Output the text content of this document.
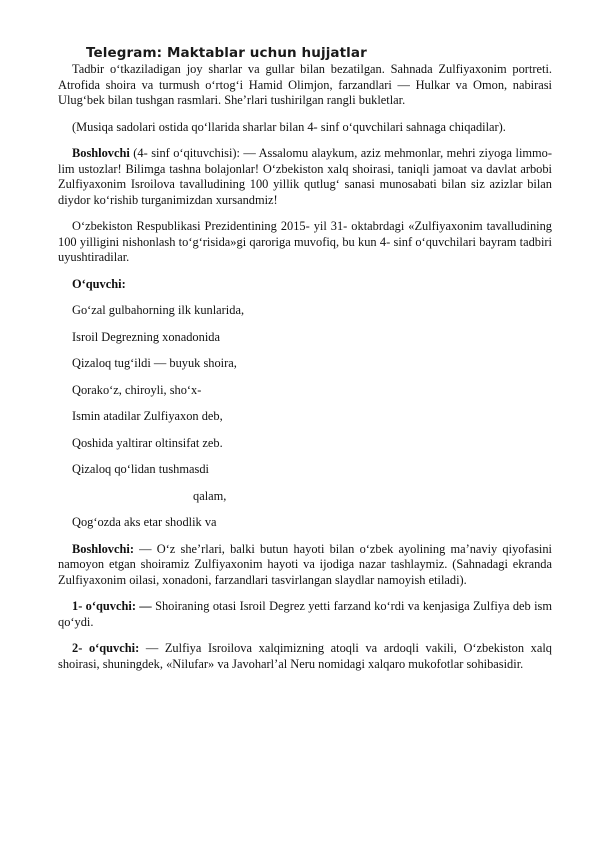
Telegram: Maktablar uchun hujjatlar

Tadbir o‘tkaziladigan joy sharlar va gullar bilan bezatilgan. Sahnada Zulfiyaxonim portreti. Atrofida shoira va turmush o‘rtog‘i Hamid Olimjon, farzandlari — Hulkar va Omon, nabirasi Ulug‘bek bilan tushgan rasmlari. She’rlari tushirilgan rangli bukletlar.

(Musiqa sadolari ostida qo‘llarida sharlar bilan 4- sinf o‘quvchilari sahnaga chiqadilar).

Boshlovchi (4- sinf o‘qituvchisi): — Assalomu alaykum, aziz mehmonlar, mehri ziyoga limmo-lim ustozlar! Bilimga tashna bolajonlar! O‘zbekiston xalq shoirasi, taniqli jamoat va davlat arbobi Zulfiyaxonim Isroilova tavalludining 100 yillik qutlug‘ sanasi munosabati bilan siz azizlar bilan diydor ko‘rishib turganimizdan xursandmiz!

O‘zbekiston Respublikasi Prezidentining 2015- yil 31- oktabrdagi «Zulfiyaxonim tavalludining 100 yilligini nishonlash to‘g‘risida»gi qaroriga muvofiq, bu kun 4- sinf o‘quvchilari bayram tadbiri uyushtiradilar.

O‘quvchi:

Go‘zal gulbahorning ilk kunlarida,

Isroil Degrezning xonadonida

Qizaloq tug‘ildi — buyuk shoira,

Qorako‘z, chiroyli, sho‘x-

Ismin atadilar Zulfiyaxon deb,

Qoshida yaltirar oltinsifat zeb.

Qizaloq qo‘lidan tushmasdi

qalam,

Qog‘ozda aks etar shodlik va

Boshlovchi: — O‘z she’rlari, balki butun hayoti bilan o‘zbek ayolining ma’naviy qiyofasini namoyon etgan shoiramiz Zulfiyaxonim hayoti va ijodiga nazar tashlaymiz. (Sahnadagi ekranda Zulfiyaxonim oilasi, xonadoni, farzandlari tasvirlangan slaydlar namoyish etiladi).

1- o‘quvchi: — Shoiraning otasi Isroil Degrez yetti farzand ko‘rdi va kenjasiga Zulfiya deb ism qo‘ydi.

2- o‘quvchi: — Zulfiya Isroilova xalqimizning atoqli va ardoqli vakili, O‘zbekiston xalq shoirasi, shuningdek, «Nilufar» va Javoharl’al Neru nomidagi xalqaro mukofotlar sohibasidir.
